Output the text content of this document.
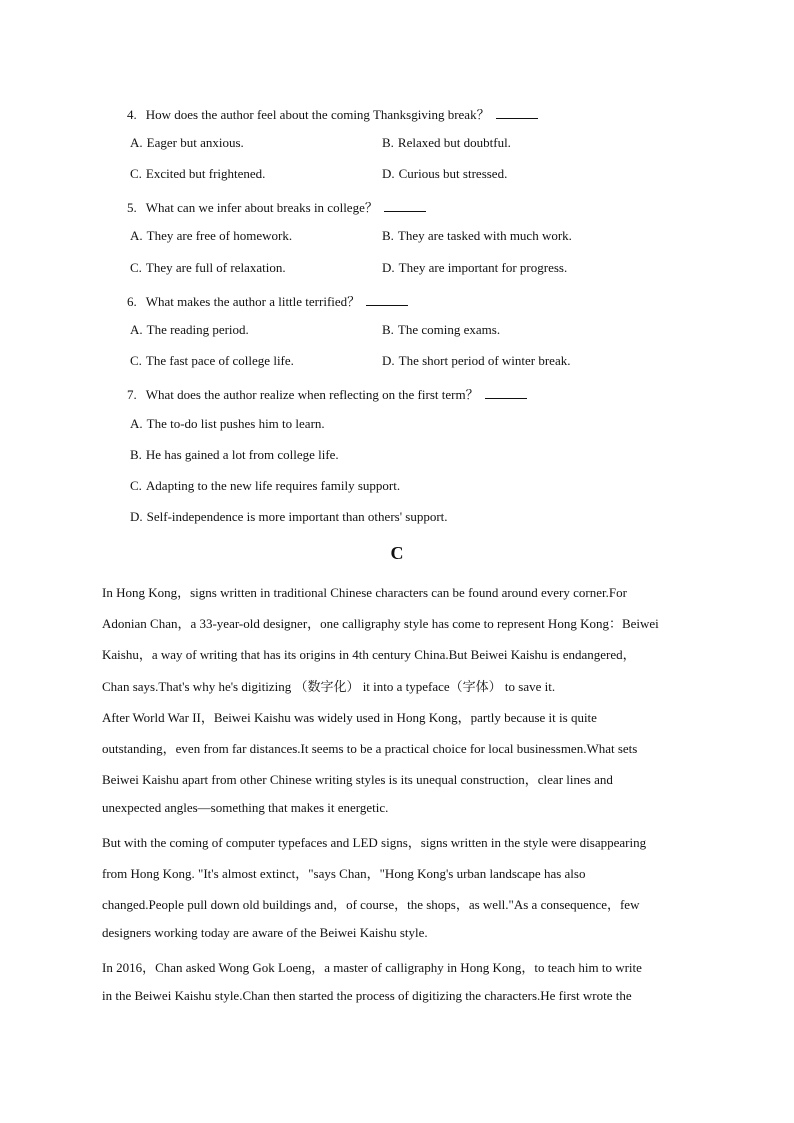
4. How does the author feel about the coming Thanksgiving break？
A. Eager but anxious.	B. Relaxed but doubtful.
C. Excited but frightened.	D. Curious but stressed.
5. What can we infer about breaks in college？
A. They are free of homework.	B. They are tasked with much work.
C. They are full of relaxation.	D. They are important for progress.
6. What makes the author a little terrified？
A. The reading period.	B. The coming exams.
C. The fast pace of college life.	D. The short period of winter break.
7. What does the author realize when reflecting on the first term？
A. The to-do list pushes him to learn.
B. He has gained a lot from college life.
C. Adapting to the new life requires family support.
D. Self-independence is more important than others' support.
C
In Hong Kong，signs written in traditional Chinese characters can be found around every corner.For
Adonian Chan，a 33-year-old designer，one calligraphy style has come to represent Hong Kong：Beiwei
Kaishu，a way of writing that has its origins in 4th century China.But Beiwei Kaishu is endangered，
Chan says.That's why he's digitizing （数字化） it into a typeface（字体） to save it.
After World War II，Beiwei Kaishu was widely used in Hong Kong，partly because it is quite
outstanding，even from far distances.It seems to be a practical choice for local businessmen.What sets
Beiwei Kaishu apart from other Chinese writing styles is its unequal construction，clear lines and
unexpected angles—something that makes it energetic.
But with the coming of computer typefaces and LED signs，signs written in the style were disappearing
from Hong Kong. "It's almost extinct，"says Chan，"Hong Kong's urban landscape has also
changed.People pull down old buildings and，of course，the shops，as well."As a consequence，few
designers working today are aware of the Beiwei Kaishu style.
In 2016，Chan asked Wong Gok Loeng，a master of calligraphy in Hong Kong，to teach him to write
in the Beiwei Kaishu style.Chan then started the process of digitizing the characters.He first wrote the
